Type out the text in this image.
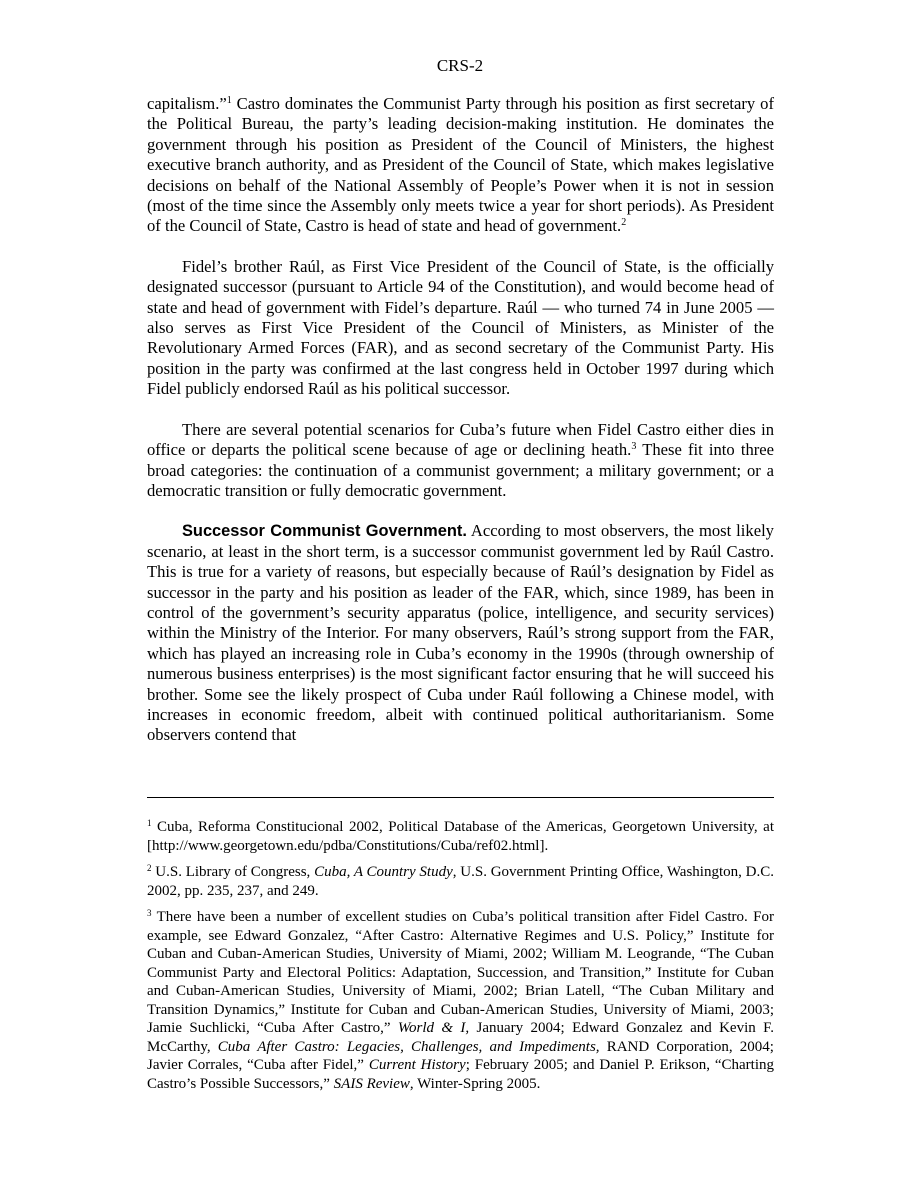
CRS-2

capitalism.”$^1$ Castro dominates the Communist Party through his position as first secretary of the Political Bureau, the party’s leading decision-making institution. He dominates the government through his position as President of the Council of Ministers, the highest executive branch authority, and as President of the Council of State, which makes legislative decisions on behalf of the National Assembly of People’s Power when it is not in session (most of the time since the Assembly only meets twice a year for short periods). As President of the Council of State, Castro is head of state and head of government.$^2$

Fidel’s brother Raúl, as First Vice President of the Council of State, is the officially designated successor (pursuant to Article 94 of the Constitution), and would become head of state and head of government with Fidel’s departure. Raúl — who turned 74 in June 2005 — also serves as First Vice President of the Council of Ministers, as Minister of the Revolutionary Armed Forces (FAR), and as second secretary of the Communist Party. His position in the party was confirmed at the last congress held in October 1997 during which Fidel publicly endorsed Raúl as his political successor.

There are several potential scenarios for Cuba’s future when Fidel Castro either dies in office or departs the political scene because of age or declining heath.$^3$ These fit into three broad categories: the continuation of a communist government; a military government; or a democratic transition or fully democratic government.

Successor Communist Government. According to most observers, the most likely scenario, at least in the short term, is a successor communist government led by Raúl Castro. This is true for a variety of reasons, but especially because of Raúl’s designation by Fidel as successor in the party and his position as leader of the FAR, which, since 1989, has been in control of the government’s security apparatus (police, intelligence, and security services) within the Ministry of the Interior. For many observers, Raúl’s strong support from the FAR, which has played an increasing role in Cuba’s economy in the 1990s (through ownership of numerous business enterprises) is the most significant factor ensuring that he will succeed his brother. Some see the likely prospect of Cuba under Raúl following a Chinese model, with increases in economic freedom, albeit with continued political authoritarianism. Some observers contend that

$^1$ Cuba, Reforma Constitucional 2002, Political Database of the Americas, Georgetown University, at [http://www.georgetown.edu/pdba/Constitutions/Cuba/ref02.html].

$^2$ U.S. Library of Congress, Cuba, A Country Study, U.S. Government Printing Office, Washington, D.C. 2002, pp. 235, 237, and 249.

$^3$ There have been a number of excellent studies on Cuba’s political transition after Fidel Castro. For example, see Edward Gonzalez, “After Castro: Alternative Regimes and U.S. Policy,” Institute for Cuban and Cuban-American Studies, University of Miami, 2002; William M. Leogrande, “The Cuban Communist Party and Electoral Politics: Adaptation, Succession, and Transition,” Institute for Cuban and Cuban-American Studies, University of Miami, 2002; Brian Latell, “The Cuban Military and Transition Dynamics,” Institute for Cuban and Cuban-American Studies, University of Miami, 2003; Jamie Suchlicki, “Cuba After Castro,” World & I, January 2004; Edward Gonzalez and Kevin F. McCarthy, Cuba After Castro: Legacies, Challenges, and Impediments, RAND Corporation, 2004; Javier Corrales, “Cuba after Fidel,” Current History; February 2005; and Daniel P. Erikson, “Charting Castro’s Possible Successors,” SAIS Review, Winter-Spring 2005.
